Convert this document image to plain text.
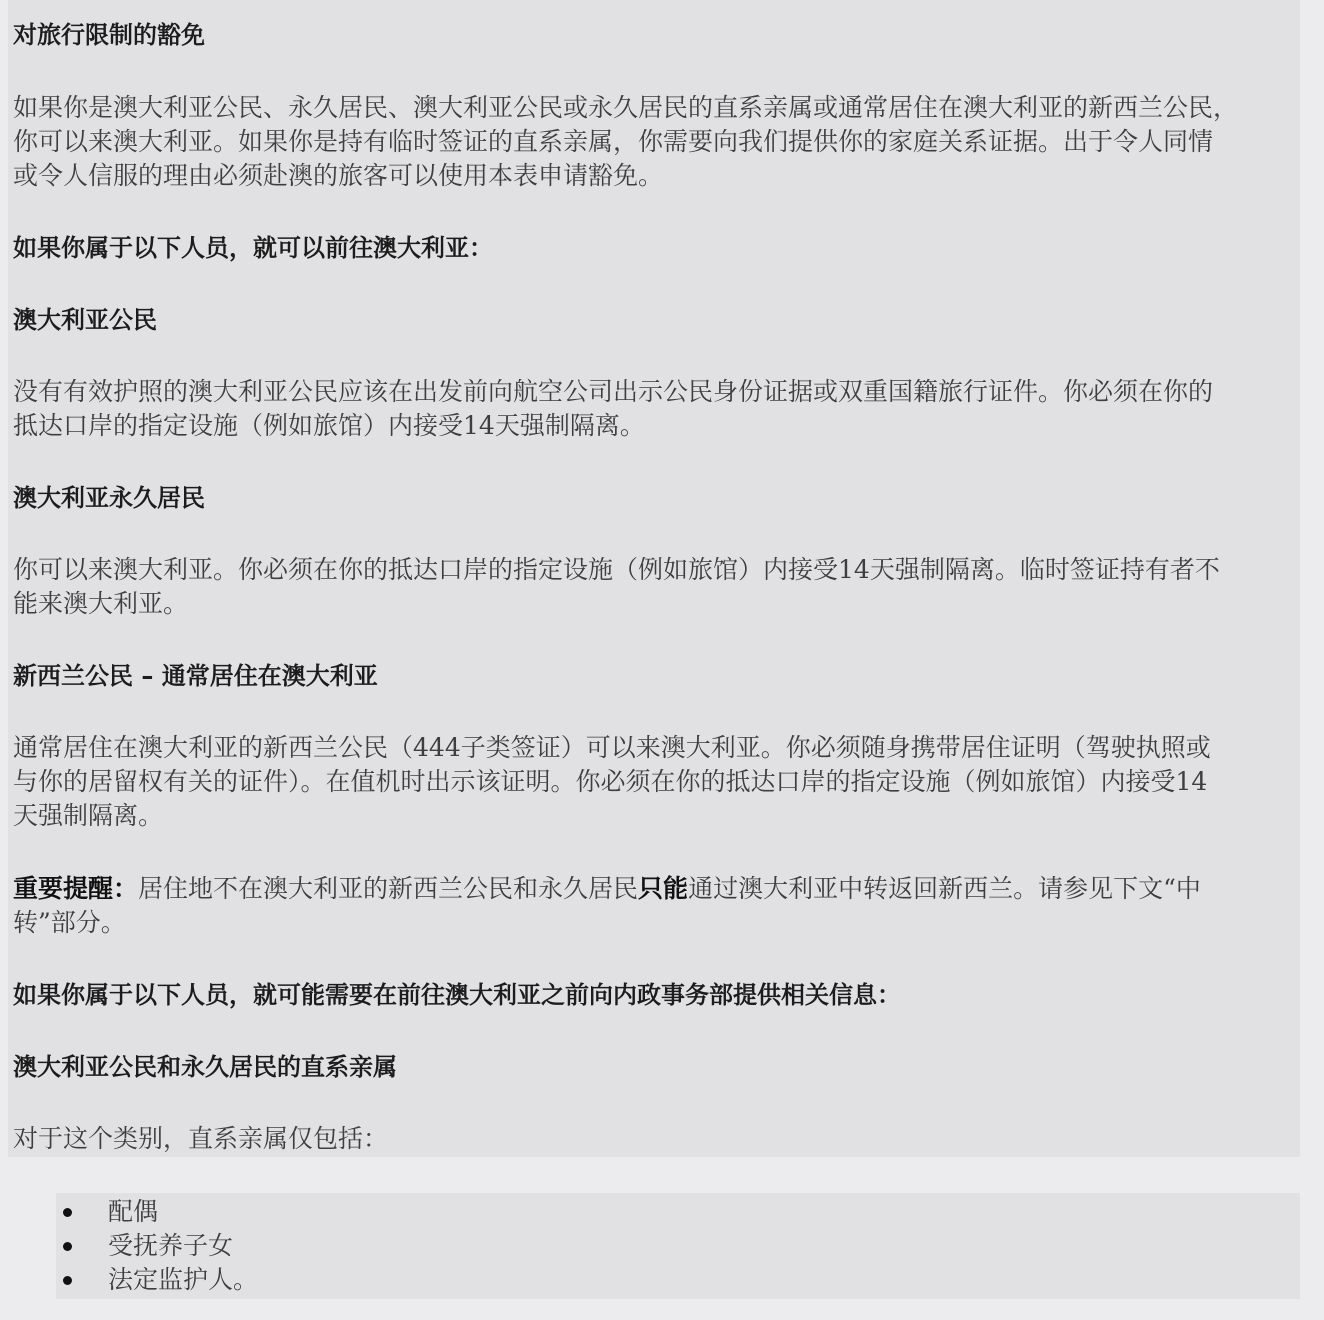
对旅行限制的豁免

如果你是澳大利亚公民、永久居民、澳大利亚公民或永久居民的直系亲属或通常居住在澳大利亚的新西兰公民，

你可以来澳大利亚。如果你是持有临时签证的直系亲属，你需要向我们提供你的家庭关系证据。出于令人同情

或令人信服的理由必须赴澳的旅客可以使用本表申请豁免。

如果你属于以下人员，就可以前往澳大利亚：

澳大利亚公民

没有有效护照的澳大利亚公民应该在出发前向航空公司出示公民身份证据或双重国籍旅行证件。你必须在你的

抵达口岸的指定设施（例如旅馆）内接受14天强制隔离。

澳大利亚永久居民

你可以来澳大利亚。你必须在你的抵达口岸的指定设施（例如旅馆）内接受14天强制隔离。临时签证持有者不

能来澳大利亚。

新西兰公民 – 通常居住在澳大利亚

通常居住在澳大利亚的新西兰公民（444子类签证）可以来澳大利亚。你必须随身携带居住证明（驾驶执照或

与你的居留权有关的证件）。在值机时出示该证明。你必须在你的抵达口岸的指定设施（例如旅馆）内接受14

天强制隔离。

重要提醒：居住地不在澳大利亚的新西兰公民和永久居民只能通过澳大利亚中转返回新西兰。请参见下文“中

转”部分。

如果你属于以下人员，就可能需要在前往澳大利亚之前向内政事务部提供相关信息：

澳大利亚公民和永久居民的直系亲属

对于这个类别，直系亲属仅包括：

配偶

受抚养子女

法定监护人。
